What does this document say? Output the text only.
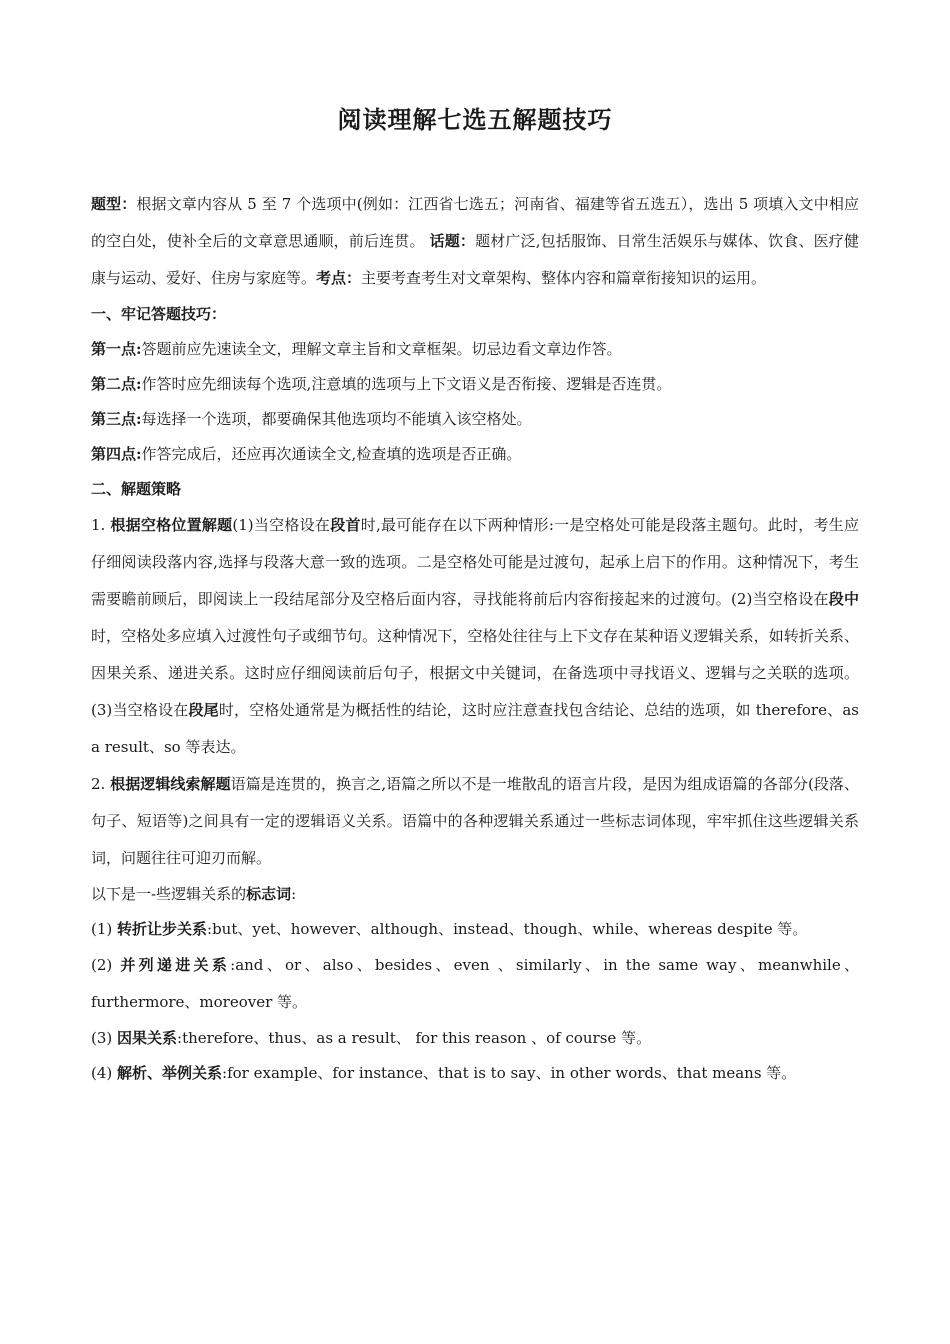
阅读理解七选五解题技巧

题型：根据文章内容从 5 至 7 个选项中(例如：江西省七选五；河南省、福建等省五选五），选出 5 项填入文中相应的空白处，使补全后的文章意思通顺，前后连贯。 话题：题材广泛,包括服饰、日常生活娱乐与媒体、饮食、医疗健康与运动、爱好、住房与家庭等。考点：主要考查考生对文章架构、整体内容和篇章衔接知识的运用。

一、牢记答题技巧：

第一点:答题前应先速读全文，理解文章主旨和文章框架。切忌边看文章边作答。

第二点:作答时应先细读每个选项,注意填的选项与上下文语义是否衔接、逻辑是否连贯。

第三点:每选择一个选项，都要确保其他选项均不能填入该空格处。

第四点:作答完成后，还应再次通读全文,检查填的选项是否正确。

二、解题策略

1. 根据空格位置解题(1)当空格设在段首时,最可能存在以下两种情形:一是空格处可能是段落主题句。此时，考生应仔细阅读段落内容,选择与段落大意一致的选项。二是空格处可能是过渡句，起承上启下的作用。这种情况下，考生需要瞻前顾后，即阅读上一段结尾部分及空格后面内容，寻找能将前后内容衔接起来的过渡句。(2)当空格设在段中时，空格处多应填入过渡性句子或细节句。这种情况下，空格处往往与上下文存在某种语义逻辑关系，如转折关系、因果关系、递进关系。这时应仔细阅读前后句子，根据文中关键词，在备选项中寻找语义、逻辑与之关联的选项。(3)当空格设在段尾时，空格处通常是为概括性的结论，这时应注意查找包含结论、总结的选项，如 therefore、as a result、so 等表达。

2. 根据逻辑线索解题语篇是连贯的，换言之,语篇之所以不是一堆散乱的语言片段，是因为组成语篇的各部分(段落、句子、短语等)之间具有一定的逻辑语义关系。语篇中的各种逻辑关系通过一些标志词体现，牢牢抓住这些逻辑关系词，问题往往可迎刃而解。

以下是一-些逻辑关系的标志词:

(1) 转折让步关系:but、yet、however、although、instead、though、while、whereas despite 等。

(2) 并列递进关系:and、or、also、besides、even 、similarly、in the same way、meanwhile、furthermore、moreover 等。

(3) 因果关系:therefore、thus、as a result、 for this reason 、of course 等。

(4) 解析、举例关系:for example、for instance、that is to say、in other words、that means 等。
